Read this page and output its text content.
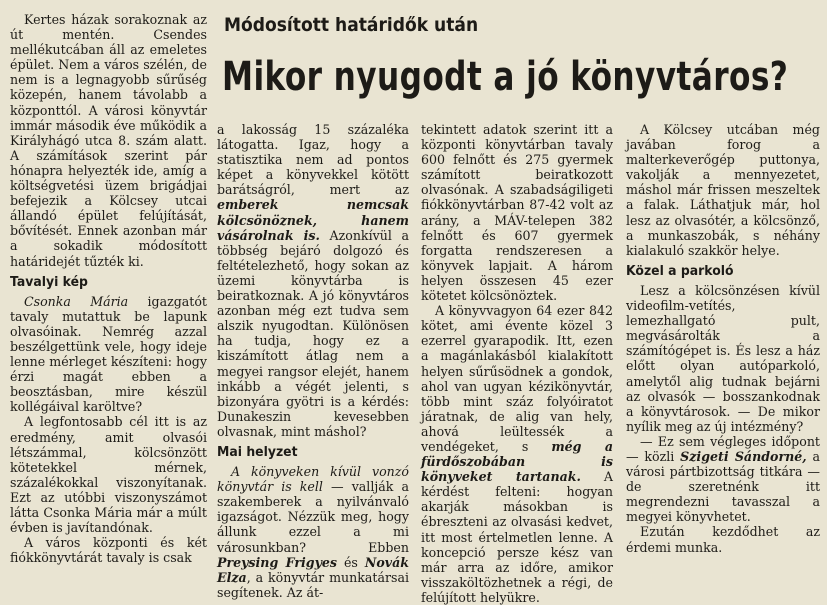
Módosított határidők után
Mikor nyugodt a jó könyvtáros?

Kertes házak sorakoznak az út mentén. Csendes mellékutcában áll az emeletes épület. Nem a város szélén, de nem is a legnagyobb sűrűség közepén, hanem távolabb a központtól. A városi könyvtár immár második éve működik a Királyhágó utca 8. szám alatt. A számítások szerint pár hónapra helyezték ide, amíg a költségvetési üzem brigádjai befejezik a Kölcsey utcai állandó épület felújítását, bővítését. Ennek azonban már a sokadik módosított határidejét tűzték ki.

Tavalyi kép

Csonka Mária igazgatót tavaly mutattuk be lapunk olvasóinak. Nemrég azzal beszélgettünk vele, hogy ideje lenne mérleget készíteni: hogy érzi magát ebben a beosztásban, mire készül kollégáival karöltve?

A legfontosabb cél itt is az eredmény, amit olvasói létszámmal, kölcsönzött kötetekkel mérnek, százalékokkal viszonyítanak. Ezt az utóbbi viszonyszámot látta Csonka Mária már a múlt évben is javítandónak.

A város központi és két fiókkönyvtárát tavaly is csak

a lakosság 15 százaléka látogatta. Igaz, hogy a statisztika nem ad pontos képet a könyvekkel kötött barátságról, mert az emberek nemcsak kölcsönöznek, hanem vásárolnak is. Azonkívül a többség bejáró dolgozó és feltételezhető, hogy sokan az üzemi könyvtárba is beiratkoznak. A jó könyvtáros azonban még ezt tudva sem alszik nyugodtan. Különösen ha tudja, hogy ez a kiszámított átlag nem a megyei rangsor elejét, hanem inkább a végét jelenti, s bizonyára gyötri is a kérdés: Dunakeszin kevesebben olvasnak, mint máshol?

Mai helyzet

A könyveken kívül vonzó könyvtár is kell — vallják a szakemberek a nyilvánvaló igazságot. Nézzük meg, hogy állunk ezzel a mi városunkban? Ebben Preysing Frigyes és Novák Elza, a könyvtár munkatársai segítenek. Az át-

tekintett adatok szerint itt a központi könyvtárban tavaly 600 felnőtt és 275 gyermek számított beiratkozott olvasónak. A szabadságiligeti fiókkönyvtárban 87-42 volt az arány, a MÁV-telepen 382 felnőtt és 607 gyermek forgatta rendszeresen a könyvek lapjait. A három helyen összesen 45 ezer kötetet kölcsönöztek.

A könyvvagyon 64 ezer 842 kötet, ami évente közel 3 ezerrel gyarapodik. Itt, ezen a magánlakásból kialakított helyen sűrűsödnek a gondok, ahol van ugyan kézikönyvtár, több mint száz folyóiratot járatnak, de alig van hely, ahová leültessék a vendégeket, s még a fürdőszobában is könyveket tartanak. A kérdést felteni: hogyan akarják másokban is ébreszteni az olvasási kedvet, itt most értelmetlen lenne. A koncepció persze kész van már arra az időre, amikor visszaköltözhetnek a régi, de felújított helyükre.

A Kölcsey utcában még javában forog a malterkeverőgép puttonya, vakolják a mennyezetet, máshol már frissen meszeltek a falak. Láthatjuk már, hol lesz az olvasótér, a kölcsönző, a munkaszobák, s néhány kialakuló szakkör helye.

Közel a parkoló

Lesz a kölcsönzésen kívül videofilm-vetítés, lemezhallgató pult, megvásárolták a számítógépet is. És lesz a ház előtt olyan autóparkoló, amelytől alig tudnak bejárni az olvasók — bosszankodnak a könyvtárosok. — De mikor nyílik meg az új intézmény?

— Ez sem végleges időpont — közli Szigeti Sándorné, a városi pártbizottság titkára — de szeretnénk itt megrendezni tavasszal a megyei könyvhetet.

Ezután kezdődhet az érdemi munka.
